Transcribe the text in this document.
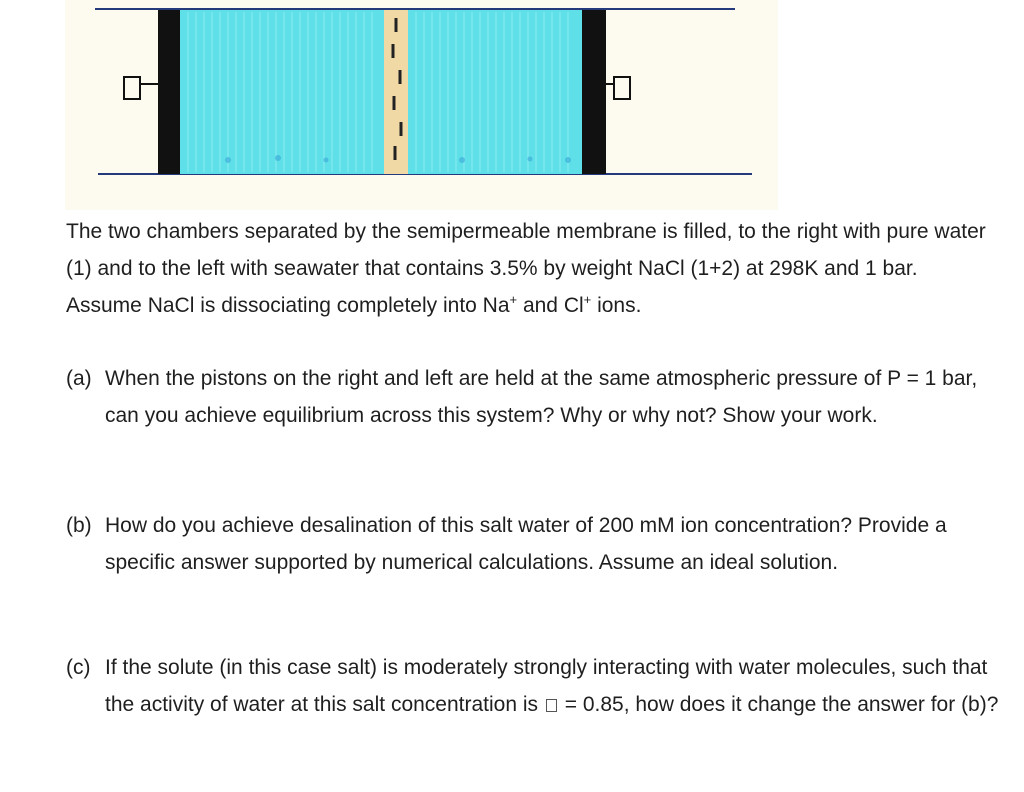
The two chambers separated by the semipermeable membrane is filled, to the right with pure water (1) and to the left with seawater that contains 3.5% by weight NaCl (1+2) at 298K and 1 bar. Assume NaCl is dissociating completely into Na+ and Cl+ ions.

(a) When the pistons on the right and left are held at the same atmospheric pressure of P = 1 bar, can you achieve equilibrium across this system? Why or why not? Show your work.
(b) How do you achieve desalination of this salt water of 200 mM ion concentration? Provide a specific answer supported by numerical calculations. Assume an ideal solution.
(c) If the solute (in this case salt) is moderately strongly interacting with water molecules, such that the activity of water at this salt concentration is = 0.85, how does it change the answer for (b)?
